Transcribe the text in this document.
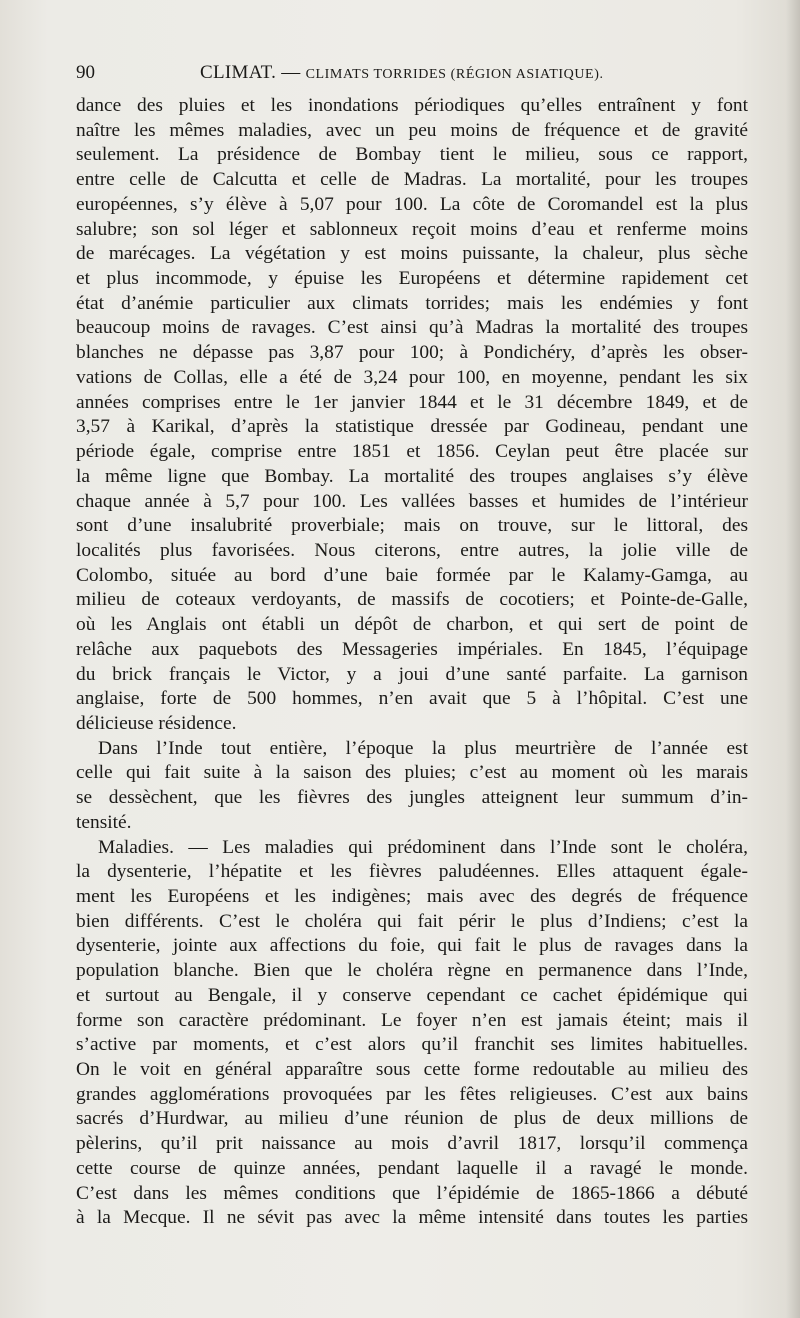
90	CLIMAT. — CLIMATS TORRIDES (RÉGION ASIATIQUE).
dance des pluies et les inondations périodiques qu’elles entraînent y font
naître les mêmes maladies, avec un peu moins de fréquence et de gravité
seulement. La présidence de Bombay tient le milieu, sous ce rapport,
entre celle de Calcutta et celle de Madras. La mortalité, pour les troupes
européennes, s’y élève à 5,07 pour 100. La côte de Coromandel est la plus
salubre; son sol léger et sablonneux reçoit moins d’eau et renferme moins
de marécages. La végétation y est moins puissante, la chaleur, plus sèche
et plus incommode, y épuise les Européens et détermine rapidement cet
état d’anémie particulier aux climats torrides; mais les endémies y font
beaucoup moins de ravages. C’est ainsi qu’à Madras la mortalité des troupes
blanches ne dépasse pas 3,87 pour 100; à Pondichéry, d’après les obser-
vations de Collas, elle a été de 3,24 pour 100, en moyenne, pendant les six
années comprises entre le 1er janvier 1844 et le 31 décembre 1849, et de
3,57 à Karikal, d’après la statistique dressée par Godineau, pendant une
période égale, comprise entre 1851 et 1856. Ceylan peut être placée sur
la même ligne que Bombay. La mortalité des troupes anglaises s’y élève
chaque année à 5,7 pour 100. Les vallées basses et humides de l’intérieur
sont d’une insalubrité proverbiale; mais on trouve, sur le littoral, des
localités plus favorisées. Nous citerons, entre autres, la jolie ville de
Colombo, située au bord d’une baie formée par le Kalamy-Gamga, au
milieu de coteaux verdoyants, de massifs de cocotiers; et Pointe-de-Galle,
où les Anglais ont établi un dépôt de charbon, et qui sert de point de
relâche aux paquebots des Messageries impériales. En 1845, l’équipage
du brick français le Victor, y a joui d’une santé parfaite. La garnison
anglaise, forte de 500 hommes, n’en avait que 5 à l’hôpital. C’est une
délicieuse résidence.
Dans l’Inde tout entière, l’époque la plus meurtrière de l’année est
celle qui fait suite à la saison des pluies; c’est au moment où les marais
se dessèchent, que les fièvres des jungles atteignent leur summum d’in-
tensité.
Maladies. — Les maladies qui prédominent dans l’Inde sont le choléra,
la dysenterie, l’hépatite et les fièvres paludéennes. Elles attaquent égale-
ment les Européens et les indigènes; mais avec des degrés de fréquence
bien différents. C’est le choléra qui fait périr le plus d’Indiens; c’est la
dysenterie, jointe aux affections du foie, qui fait le plus de ravages dans la
population blanche. Bien que le choléra règne en permanence dans l’Inde,
et surtout au Bengale, il y conserve cependant ce cachet épidémique qui
forme son caractère prédominant. Le foyer n’en est jamais éteint; mais il
s’active par moments, et c’est alors qu’il franchit ses limites habituelles.
On le voit en général apparaître sous cette forme redoutable au milieu des
grandes agglomérations provoquées par les fêtes religieuses. C’est aux bains
sacrés d’Hurdwar, au milieu d’une réunion de plus de deux millions de
pèlerins, qu’il prit naissance au mois d’avril 1817, lorsqu’il commença
cette course de quinze années, pendant laquelle il a ravagé le monde.
C’est dans les mêmes conditions que l’épidémie de 1865-1866 a débuté
à la Mecque. Il ne sévit pas avec la même intensité dans toutes les parties
